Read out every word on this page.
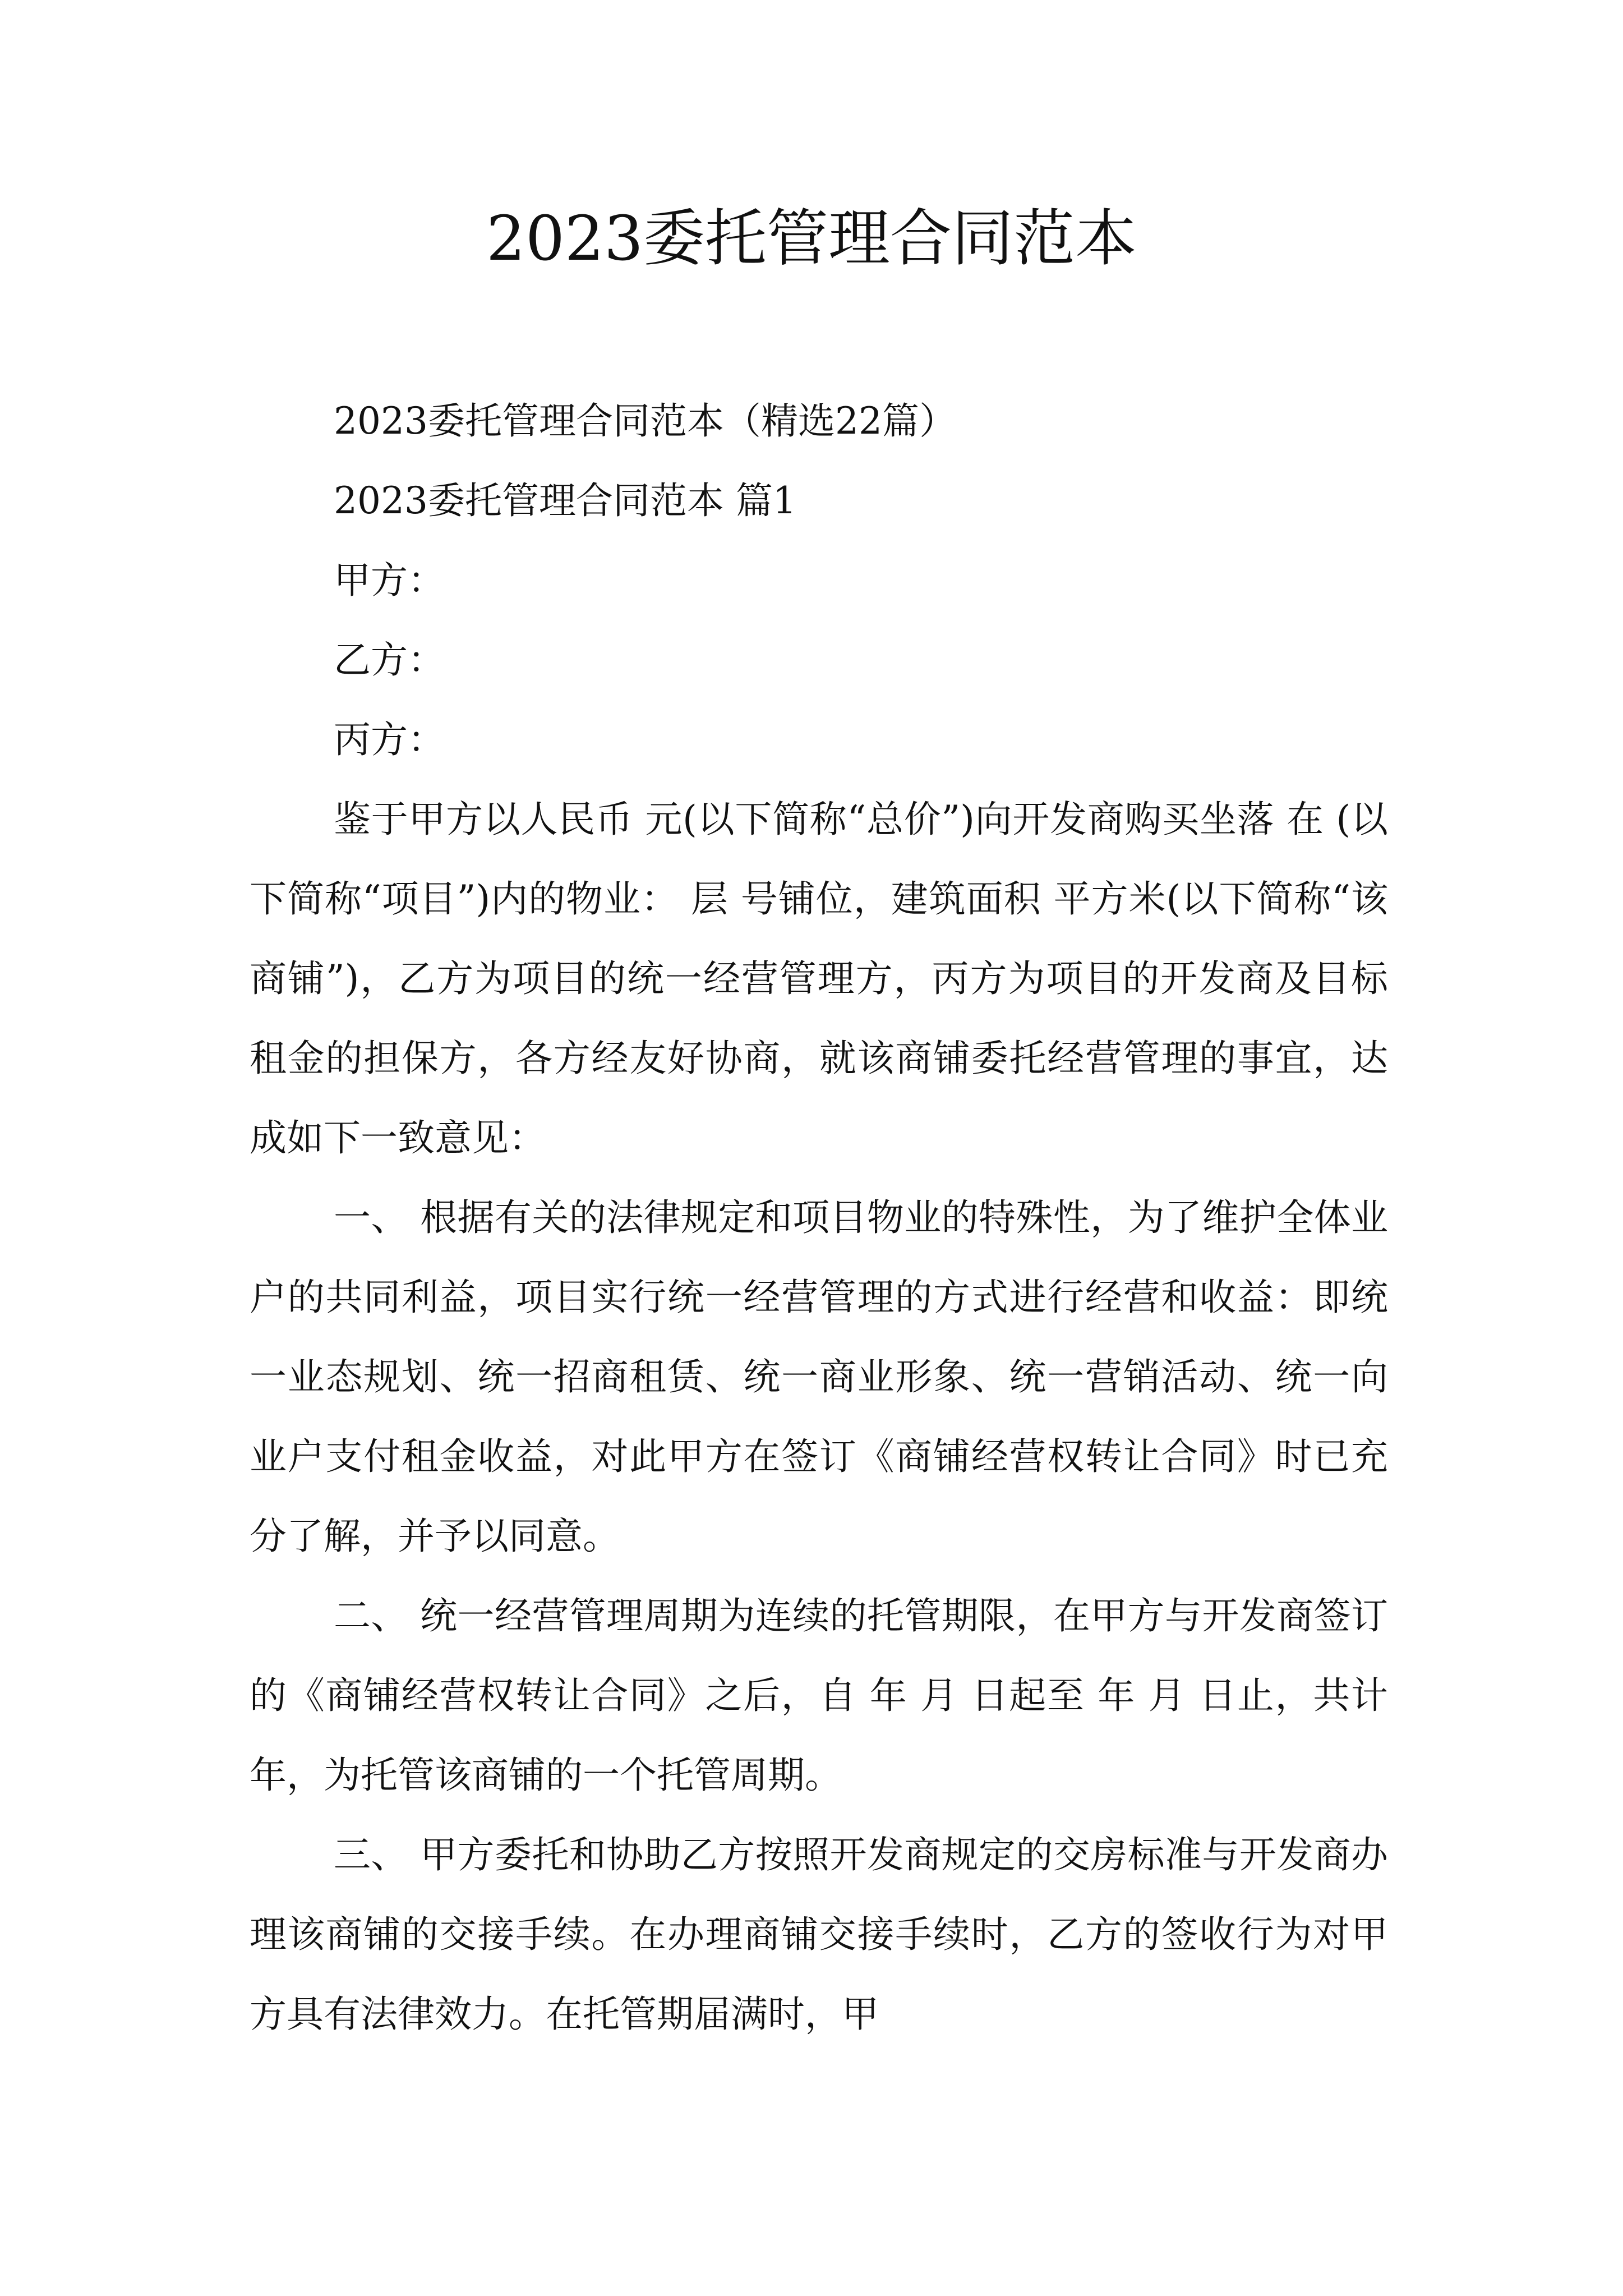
2023委托管理合同范本

2023委托管理合同范本（精选22篇）

2023委托管理合同范本 篇1

甲方：

乙方：

丙方：

鉴于甲方以人民币 元(以下简称“总价”)向开发商购买坐落 在 (以下简称“项目”)内的物业： 层 号铺位，建筑面积 平方米(以下简称“该商铺”)，乙方为项目的统一经营管理方，丙方为项目的开发商及目标租金的担保方，各方经友好协商，就该商铺委托经营管理的事宜，达成如下一致意见：

一、 根据有关的法律规定和项目物业的特殊性，为了维护全体业户的共同利益，项目实行统一经营管理的方式进行经营和收益：即统一业态规划、统一招商租赁、统一商业形象、统一营销活动、统一向业户支付租金收益，对此甲方在签订《商铺经营权转让合同》时已充分了解，并予以同意。

二、 统一经营管理周期为连续的托管期限，在甲方与开发商签订的《商铺经营权转让合同》之后，自 年 月 日起至 年 月 日止，共计 年，为托管该商铺的一个托管周期。

三、 甲方委托和协助乙方按照开发商规定的交房标准与开发商办理该商铺的交接手续。在办理商铺交接手续时，乙方的签收行为对甲方具有法律效力。在托管期届满时，甲
